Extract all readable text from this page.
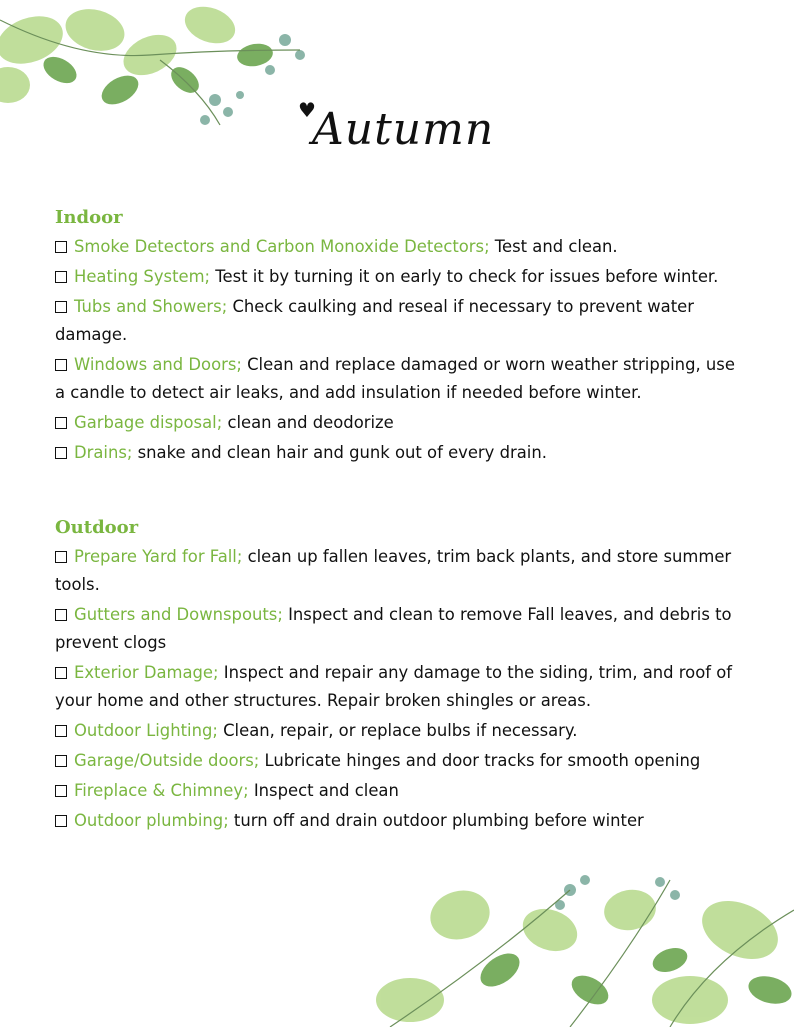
♥
Autumn
Indoor
Smoke Detectors and Carbon Monoxide Detectors; Test and clean.
Heating System; Test it by turning it on early to check for issues before winter.
Tubs and Showers; Check caulking and reseal if necessary to prevent water damage.
Windows and Doors; Clean and replace damaged or worn weather stripping, use a candle to detect air leaks, and add insulation if needed before winter.
Garbage disposal; clean and deodorize
Drains; snake and clean hair and gunk out of every drain.
Outdoor
Prepare Yard for Fall; clean up fallen leaves, trim back plants, and store summer tools.
Gutters and Downspouts; Inspect and clean to remove Fall leaves, and debris to prevent clogs
Exterior Damage; Inspect and repair any damage to the siding, trim, and roof of your home and other structures. Repair broken shingles or areas.
Outdoor Lighting; Clean, repair, or replace bulbs if necessary.
Garage/Outside doors; Lubricate hinges and door tracks for smooth opening
Fireplace & Chimney; Inspect and clean
Outdoor plumbing; turn off and drain outdoor plumbing before winter
